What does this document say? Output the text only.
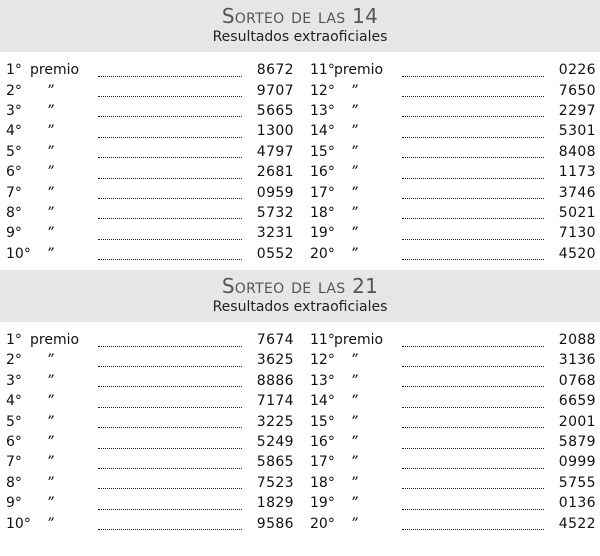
Sorteo de las 14
Resultados extraoficiales
1° premio	8672 11° premio	0226
2°	”	9707 12°	”	7650
3°	”	5665 13°	”	2297
4°	”	1300 14°	”	5301
5°	”	4797 15°	”	8408
6°	”	2681 16°	”	1173
7°	”	0959 17°	”	3746
8°	”	5732 18°	”	5021
9°	”	3231 19°	”	7130
10°	”	0552 20°	”	4520
Sorteo de las 21
Resultados extraoficiales
1° premio	7674 11° premio	2088
2°	”	3625 12°	”	3136
3°	”	8886 13°	”	0768
4°	”	7174 14°	”	6659
5°	”	3225 15°	”	2001
6°	”	5249 16°	”	5879
7°	”	5865 17°	”	0999
8°	”	7523 18°	”	5755
9°	”	1829 19°	”	0136
10°	”	9586 20°	”	4522
